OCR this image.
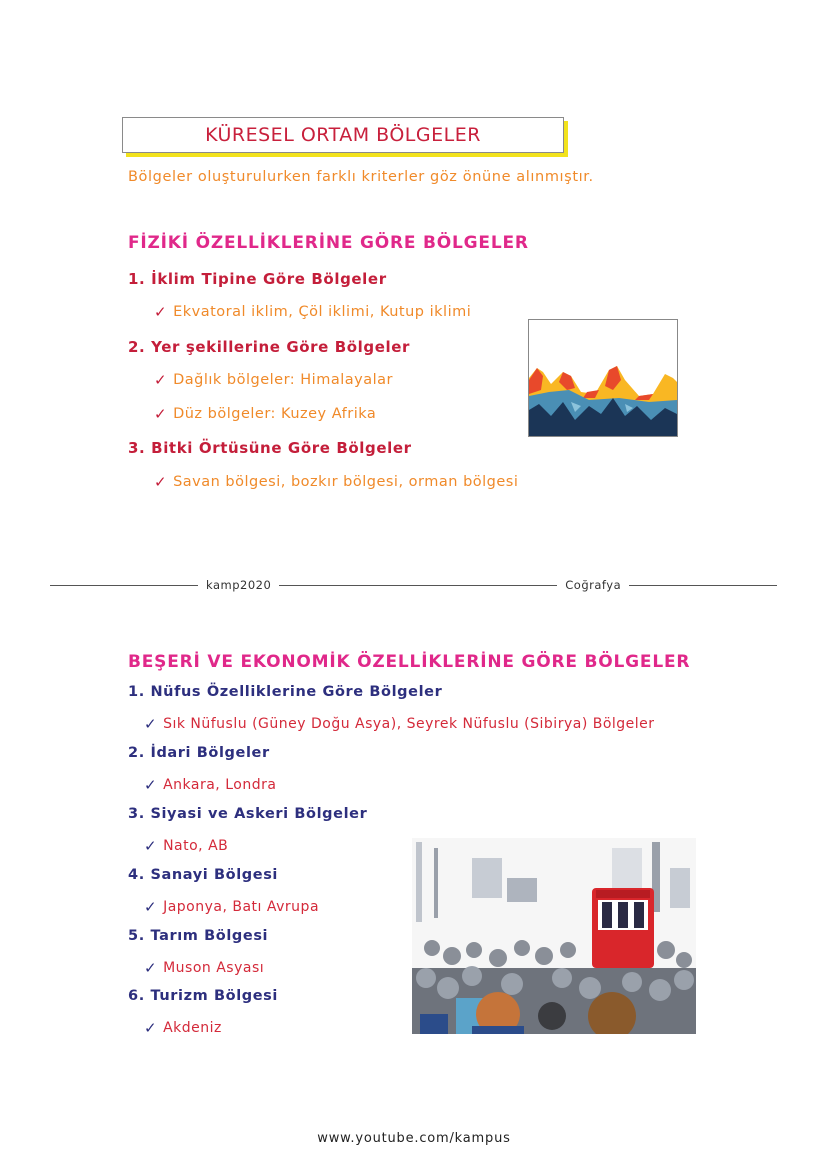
KÜRESEL ORTAM BÖLGELER
Bölgeler oluşturulurken farklı kriterler göz önüne alınmıştır.
FİZİKİ ÖZELLİKLERİNE GÖRE BÖLGELER
1. İklim Tipine Göre Bölgeler
✓ Ekvatoral iklim, Çöl iklimi, Kutup iklimi
2. Yer şekillerine Göre Bölgeler
✓ Dağlık bölgeler: Himalayalar
✓ Düz bölgeler: Kuzey Afrika
3. Bitki Örtüsüne Göre Bölgeler
✓ Savan bölgesi, bozkır bölgesi, orman bölgesi
kamp2020	Coğrafya
BEŞERİ VE EKONOMİK ÖZELLİKLERİNE GÖRE BÖLGELER
1. Nüfus Özelliklerine Göre Bölgeler
✓ Sık Nüfuslu (Güney Doğu Asya), Seyrek Nüfuslu (Sibirya) Bölgeler
2. İdari Bölgeler
✓ Ankara, Londra
3. Siyasi ve Askeri Bölgeler
✓ Nato, AB
4. Sanayi Bölgesi
✓ Japonya, Batı Avrupa
5. Tarım Bölgesi
✓ Muson Asyası
6. Turizm Bölgesi
✓ Akdeniz
www.youtube.com/kampus
